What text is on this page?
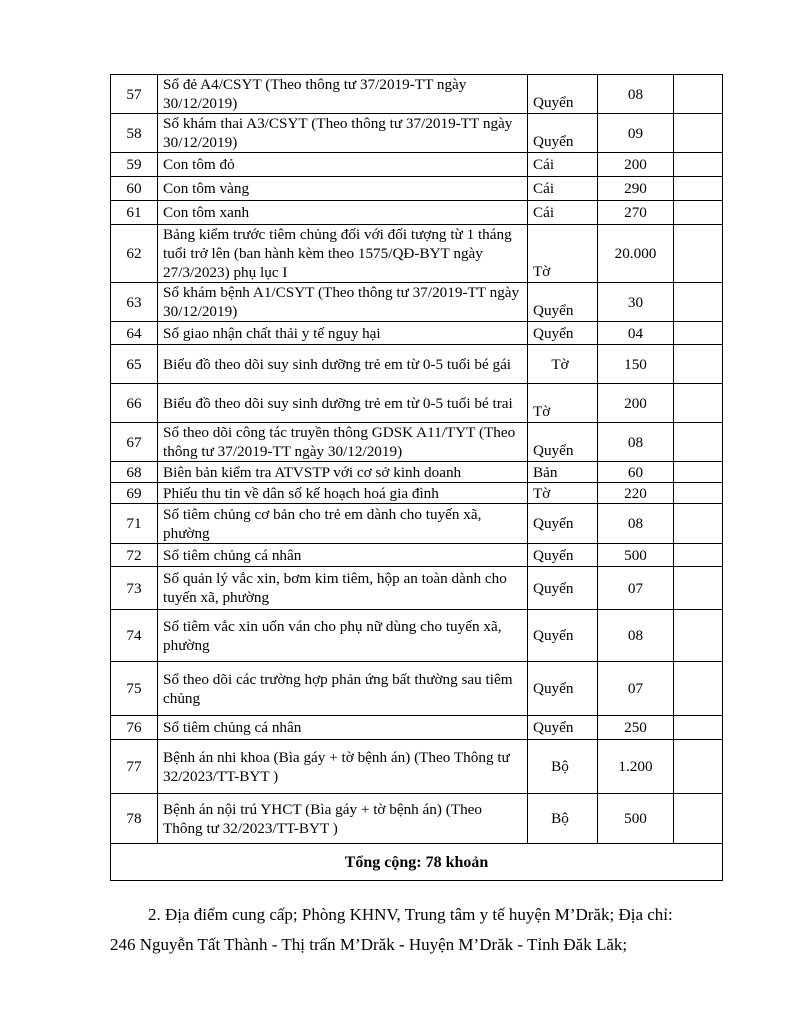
57	Sổ đẻ A4/CSYT (Theo thông tư 37/2019-TT ngày 30/12/2019)	Quyển	08	
58	Sổ khám thai A3/CSYT (Theo thông tư 37/2019-TT ngày 30/12/2019)	Quyển	09	
59	Con tôm đỏ	Cái	200	
60	Con tôm vàng	Cái	290	
61	Con tôm xanh	Cái	270	
62	Bảng kiểm trước tiêm chủng đối với đối tượng từ 1 tháng tuổi trở lên (ban hành kèm theo 1575/QĐ-BYT ngày 27/3/2023) phụ lục I	Tờ	20.000	
63	Sổ khám bệnh A1/CSYT (Theo thông tư 37/2019-TT ngày 30/12/2019)	Quyển	30	
64	Sổ giao nhận chất thải y tế nguy hại	Quyển	04	
65	Biểu đồ theo dõi suy sinh dưỡng trẻ em từ 0-5 tuổi bé gái	Tờ	150	
66	Biểu đồ theo dõi suy sinh dưỡng trẻ em từ 0-5 tuổi bé trai	Tờ	200	
67	Sổ theo dõi công tác truyền thông GDSK A11/TYT (Theo thông tư 37/2019-TT ngày 30/12/2019)	Quyển	08	
68	Biên bản kiểm tra ATVSTP với cơ sở kinh doanh	Bản	60	
69	Phiếu thu tin về dân số kế hoạch hoá gia đình	Tờ	220	
71	Sổ tiêm chủng cơ bản cho trẻ em dành cho tuyến xã, phường	Quyển	08	
72	Sổ tiêm chủng cá nhân	Quyển	500	
73	Sổ quản lý vắc xin, bơm kim tiêm, hộp an toàn dành cho tuyến xã, phường	Quyển	07	
74	Sổ tiêm vắc xin uốn ván cho phụ nữ dùng cho tuyến xã, phường	Quyển	08	
75	Sổ theo dõi các trường hợp phản ứng bất thường sau tiêm chủng	Quyển	07	
76	Sổ tiêm chủng cá nhân	Quyển	250	
77	Bệnh án nhi khoa (Bìa gáy + tờ bệnh án) (Theo Thông tư 32/2023/TT-BYT )	Bộ	1.200	
78	Bệnh án nội trú YHCT (Bìa gáy + tờ bệnh án) (Theo Thông tư 32/2023/TT-BYT )	Bộ	500	
Tổng cộng: 78 khoản				
2. Địa điểm cung cấp; Phòng KHNV, Trung tâm y tế huyện M’Drăk; Địa chỉ:
246 Nguyễn Tất Thành - Thị trấn M’Drăk - Huyện M’Drăk - Tỉnh Đăk Lăk;
